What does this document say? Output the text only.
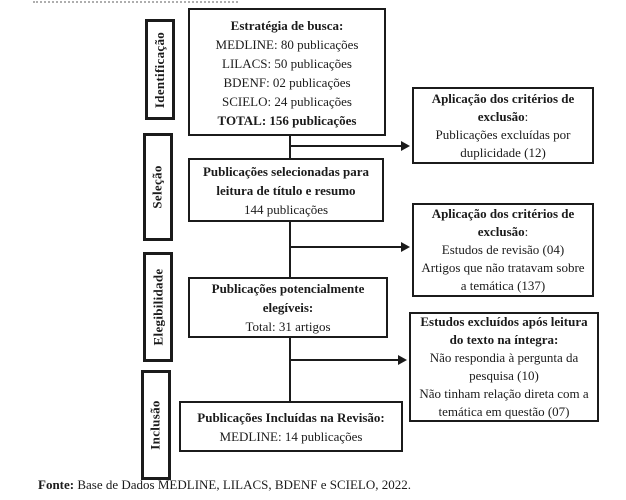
Identificação
Seleção
Elegibilidade
Inclusão
Estratégia de busca:
MEDLINE: 80 publicações
LILACS: 50 publicações
BDENF: 02 publicações
SCIELO: 24 publicações
TOTAL: 156 publicações
Publicações selecionadas para
leitura de título e resumo
144 publicações
Publicações potencialmente
elegíveis:
Total: 31 artigos
Publicações Incluídas na Revisão:
MEDLINE: 14 publicações
Aplicação dos critérios de exclusão:
Publicações excluídas por duplicidade (12)
Aplicação dos critérios de exclusão:
Estudos de revisão (04)
Artigos que não tratavam sobre a temática (137)
Estudos excluídos após leitura do texto na íntegra:
Não respondia à pergunta da pesquisa (10)
Não tinham relação direta com a temática em questão (07)
Fonte: Base de Dados MEDLINE, LILACS, BDENF e SCIELO, 2022.
